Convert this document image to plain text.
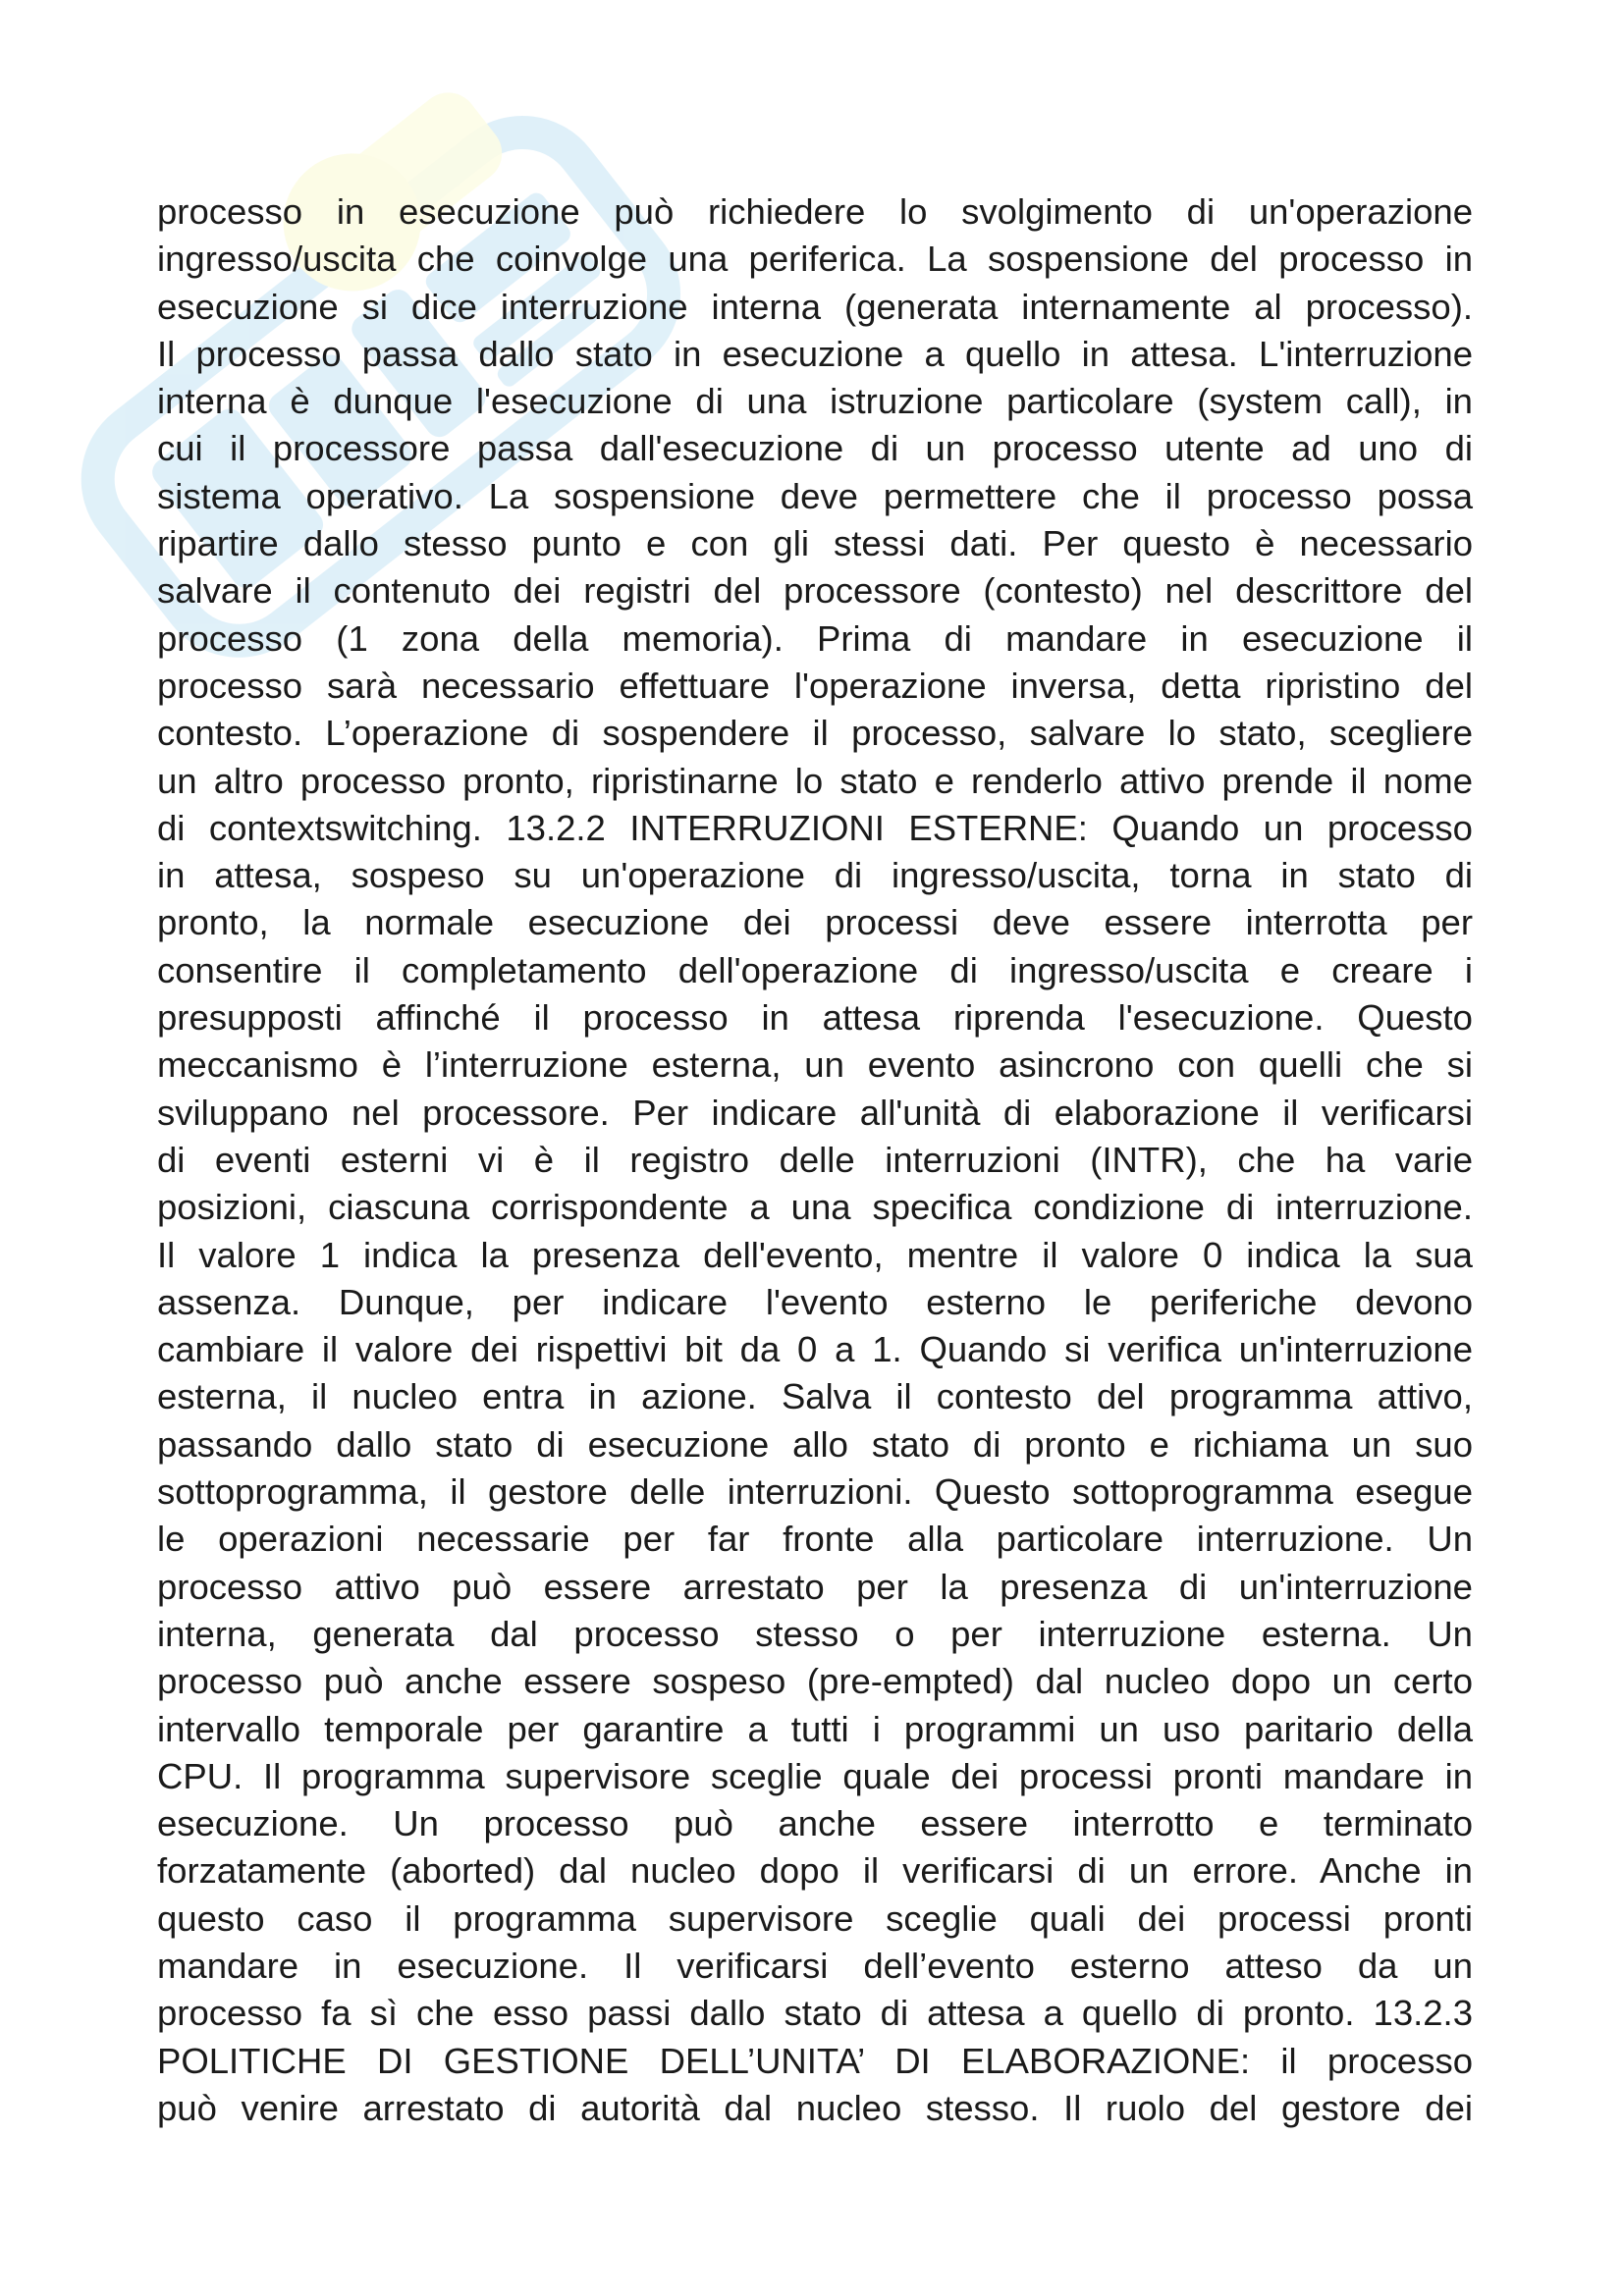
processo in esecuzione può richiedere lo svolgimento di un'operazione
ingresso/uscita che coinvolge una periferica. La sospensione del processo in
esecuzione si dice interruzione interna (generata internamente al processo).
Il processo passa dallo stato in esecuzione a quello in attesa. L'interruzione
interna è dunque l'esecuzione di una istruzione particolare (system call), in
cui il processore passa dall'esecuzione di un processo utente ad uno di
sistema operativo. La sospensione deve permettere che il processo possa
ripartire dallo stesso punto e con gli stessi dati. Per questo è necessario
salvare il contenuto dei registri del processore (contesto) nel descrittore del
processo (1 zona della memoria). Prima di mandare in esecuzione il
processo sarà necessario effettuare l'operazione inversa, detta ripristino del
contesto. L’operazione di sospendere il processo, salvare lo stato, scegliere
un altro processo pronto, ripristinarne lo stato e renderlo attivo prende il nome
di contextswitching. 13.2.2 INTERRUZIONI ESTERNE: Quando un processo
in attesa, sospeso su un'operazione di ingresso/uscita, torna in stato di
pronto, la normale esecuzione dei processi deve essere interrotta per
consentire il completamento dell'operazione di ingresso/uscita e creare i
presupposti affinché il processo in attesa riprenda l'esecuzione. Questo
meccanismo è l’interruzione esterna, un evento asincrono con quelli che si
sviluppano nel processore. Per indicare all'unità di elaborazione il verificarsi
di eventi esterni vi è il registro delle interruzioni (INTR), che ha varie
posizioni, ciascuna corrispondente a una specifica condizione di interruzione.
Il valore 1 indica la presenza dell'evento, mentre il valore 0 indica la sua
assenza. Dunque, per indicare l'evento esterno le periferiche devono
cambiare il valore dei rispettivi bit da 0 a 1. Quando si verifica un'interruzione
esterna, il nucleo entra in azione. Salva il contesto del programma attivo,
passando dallo stato di esecuzione allo stato di pronto e richiama un suo
sottoprogramma, il gestore delle interruzioni. Questo sottoprogramma esegue
le operazioni necessarie per far fronte alla particolare interruzione. Un
processo attivo può essere arrestato per la presenza di un'interruzione
interna, generata dal processo stesso o per interruzione esterna. Un
processo può anche essere sospeso (pre-empted) dal nucleo dopo un certo
intervallo temporale per garantire a tutti i programmi un uso paritario della
CPU. Il programma supervisore sceglie quale dei processi pronti mandare in
esecuzione. Un processo può anche essere interrotto e terminato
forzatamente (aborted) dal nucleo dopo il verificarsi di un errore. Anche in
questo caso il programma supervisore sceglie quali dei processi pronti
mandare in esecuzione. Il verificarsi dell’evento esterno atteso da un
processo fa sì che esso passi dallo stato di attesa a quello di pronto. 13.2.3
POLITICHE DI GESTIONE DELL’UNITA’ DI ELABORAZIONE: il processo
può venire arrestato di autorità dal nucleo stesso. Il ruolo del gestore dei
